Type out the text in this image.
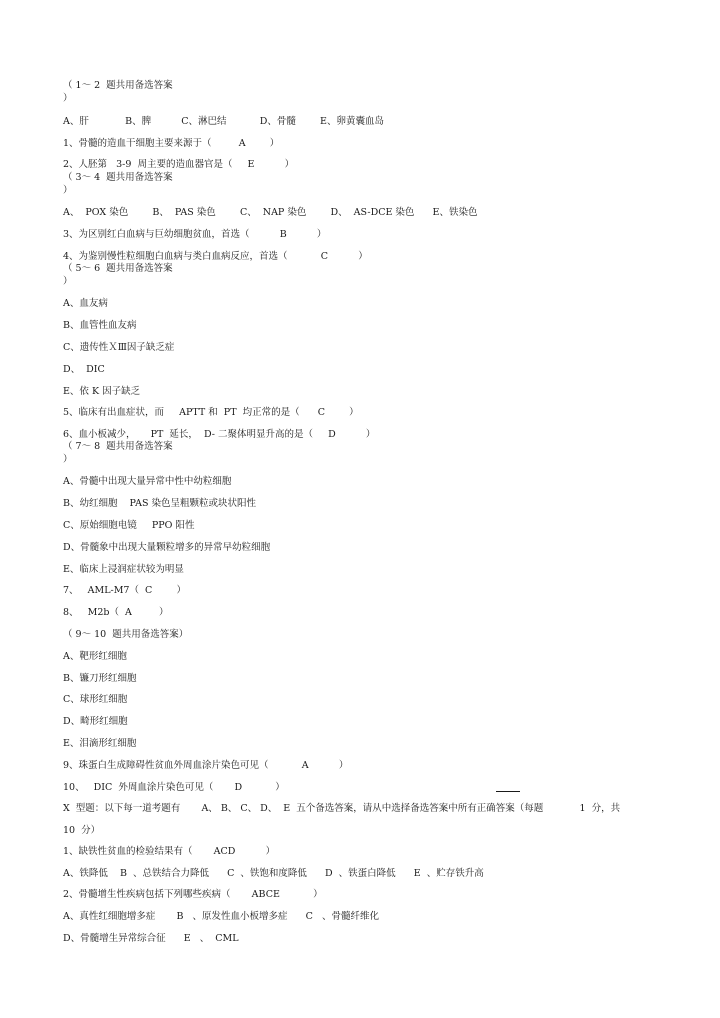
（ 1～ 2  题共用备选答案
）
A、肝            B、脾          C、淋巴结           D、骨髓        E、卵黄囊血岛
1、骨髓的造血干细胞主要来源于（         A        ）
2、人胚第   3-9  周主要的造血器官是（     E          ）
（ 3～ 4  题共用备选答案
）
A、  POX 染色        B、  PAS 染色        C、  NAP 染色        D、  AS-DCE 染色      E、铁染色
3、为区别红白血病与巨幼细胞贫血，首选（          B          ）
4、为鉴别慢性粒细胞白血病与类白血病反应，首选（           C          ）
（ 5～ 6  题共用备选答案
）
A、血友病
B、血管性血友病
C、遗传性ＸⅢ因子缺乏症
D、  DIC
E、依 K 因子缺乏
5、临床有出血症状，而     APTT 和  PT  均正常的是（      C        ）
6、血小板减少，     PT  延长，  D- 二聚体明显升高的是（     D          ）
（ 7～ 8  题共用备选答案
）
A、骨髓中出现大量异常中性中幼粒细胞
B、幼红细胞    PAS 染色呈粗颗粒或块状阳性
C、原始细胞电镜     PPO 阳性
D、骨髓象中出现大量颗粒增多的异常早幼粒细胞
E、临床上浸润症状较为明显
7、   AML-M7（  C        ）
8、   M2b（  A         ）
（ 9～ 10  题共用备选答案）
A、靶形红细胞
B、镰刀形红细胞
C、球形红细胞
D、畸形红细胞
E、泪滴形红细胞
9、珠蛋白生成障碍性贫血外周血涂片染色可见（           A          ）
10、   DIC  外周血涂片染色可见（       D           ）
X  型题：以下每一道考题有       A、 B、 C、 D、  E  五个备选答案，请从中选择备选答案中所有正确答案（每题            1  分，共
10  分）
1、缺铁性贫血的检验结果有（       ACD          ）
A、铁降低    B  、总铁结合力降低      C  、铁饱和度降低      D  、铁蛋白降低      E  、贮存铁升高
2、骨髓增生性疾病包括下列哪些疾病（       ABCE           ）
A、真性红细胞增多症       B   、原发性血小板增多症      C   、骨髓纤维化
D、骨髓增生异常综合征      E   、  CML
